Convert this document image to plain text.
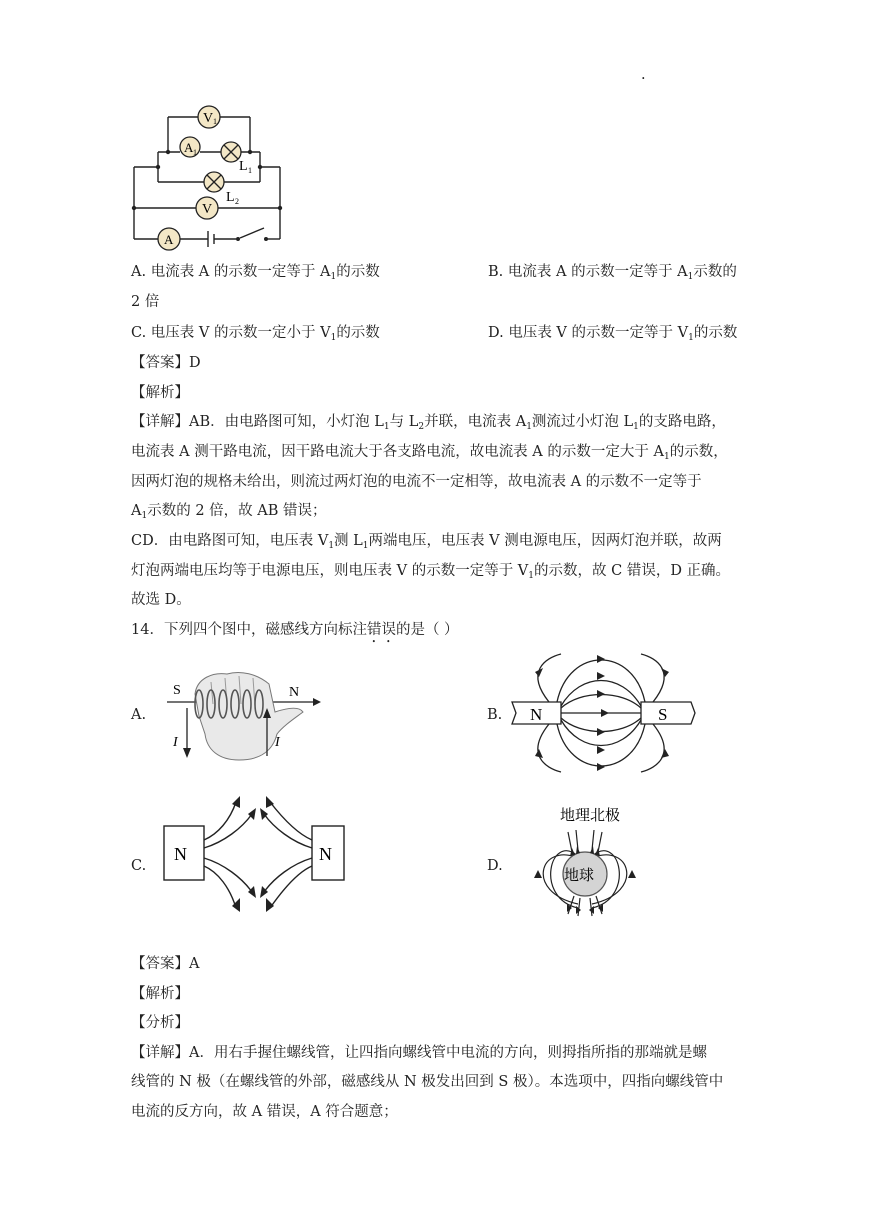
·
V 1
A 1
L 1
L 2
V
A
A. 电流表 A 的示数一定等于 $A_1$的示数	B. 电流表 A 的示数一定等于 $A_1$示数的
2 倍
C. 电压表 V 的示数一定小于 $V_1$的示数	D. 电压表 V 的示数一定等于 $V_1$的示数
【答案】D
【解析】
【详解】AB．由电路图可知，小灯泡 $L_1$与 $L_2$并联，电流表 $A_1$测流过小灯泡 $L_1$的支路电路，
电流表 A 测干路电流，因干路电流大于各支路电流，故电流表 A 的示数一定大于 $A_1$的示数，
因两灯泡的规格未给出，则流过两灯泡的电流不一定相等，故电流表 A 的示数不一定等于
$A_1$示数的 2 倍，故 AB 错误；
CD．由电路图可知，电压表 $V_1$测 $L_1$两端电压，电压表 V 测电源电压，因两灯泡并联，故两
灯泡两端电压均等于电源电压，则电压表 V 的示数一定等于 $V_1$的示数，故 C 错误，D 正确。
故选 D。
14．下列四个图中，磁感线方向标注错误的是（ ）
A.	B.
C.	D.
S	N
I	I
N	S
N	N
地理北极
地球
【答案】A
【解析】
【分析】
【详解】A．用右手握住螺线管，让四指向螺线管中电流的方向，则拇指所指的那端就是螺
线管的 N 极（在螺线管的外部，磁感线从 N 极发出回到 S 极）。本选项中，四指向螺线管中
电流的反方向，故 A 错误，A 符合题意；
